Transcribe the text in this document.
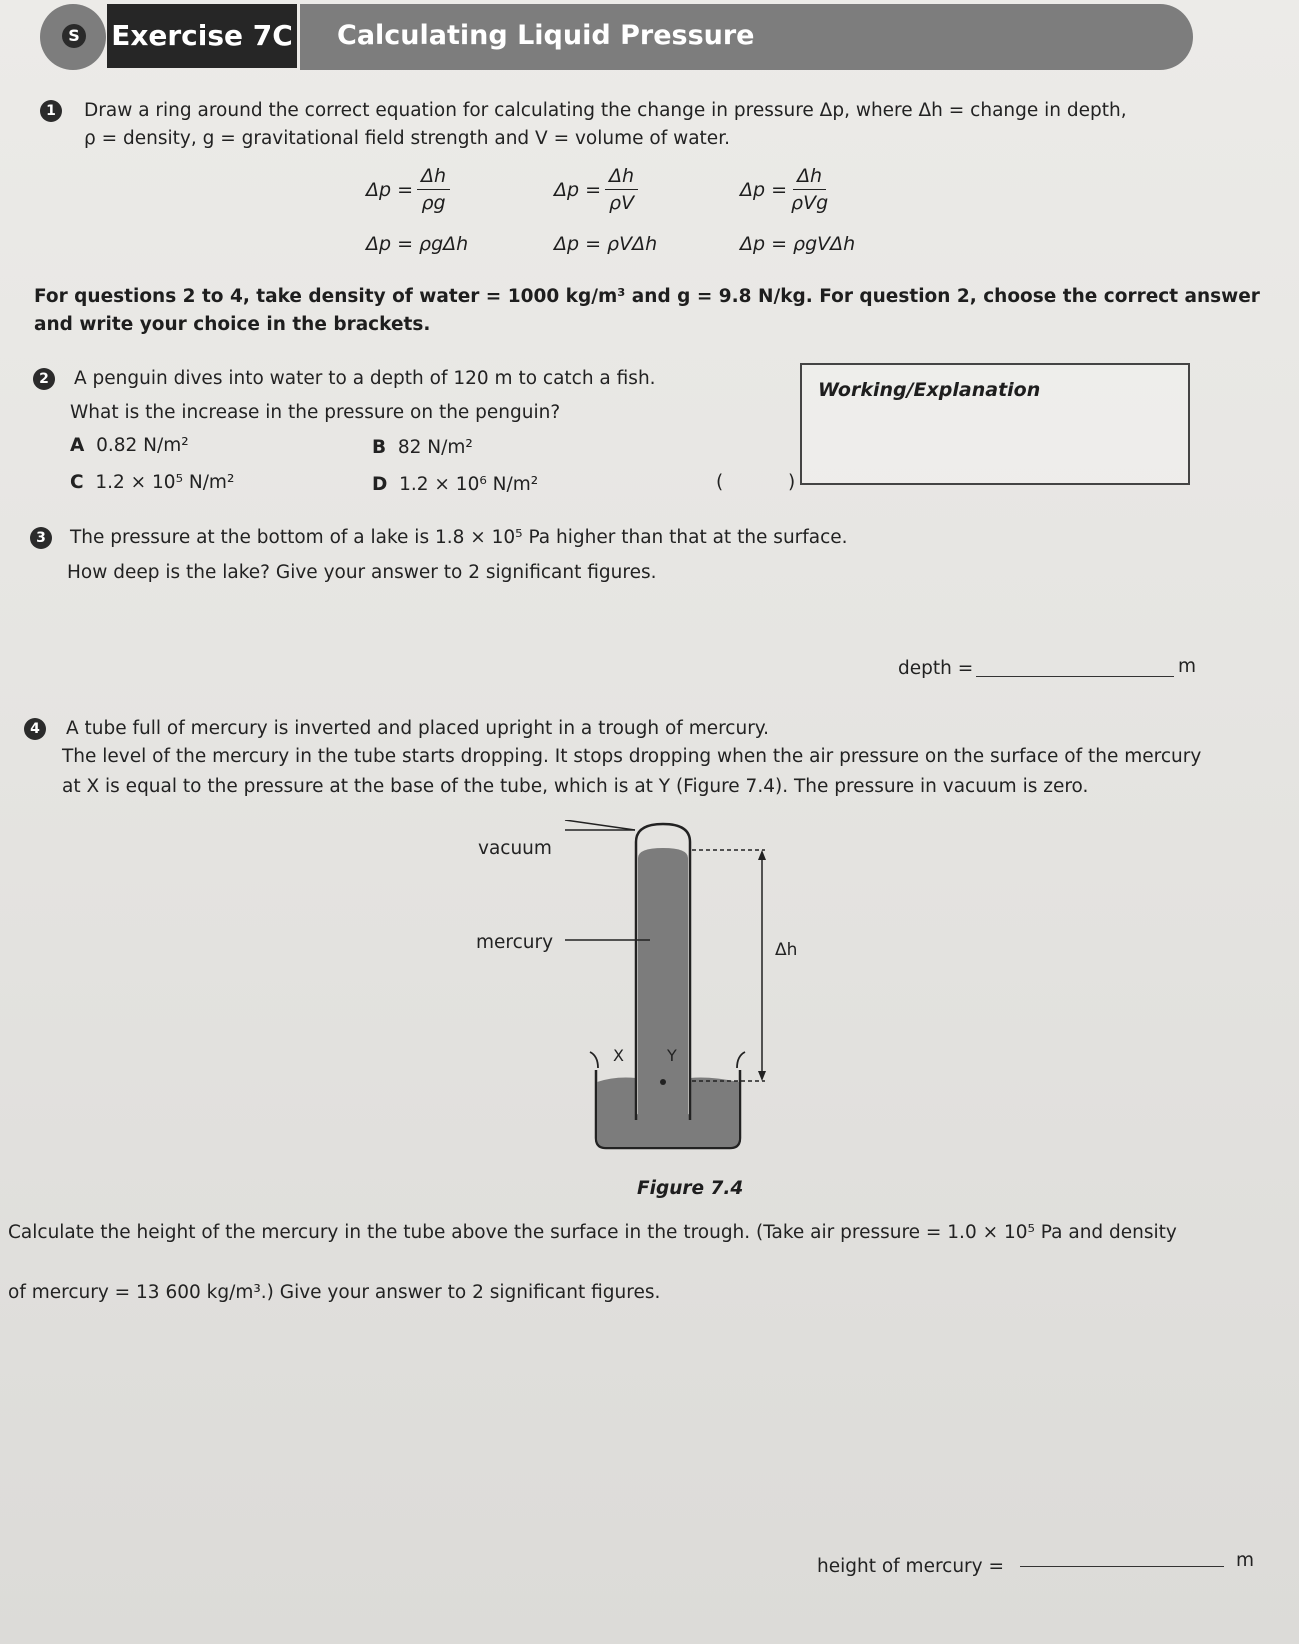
S Exercise 7C Calculating Liquid Pressure
1	Draw a ring around the correct equation for calculating the change in pressure Δp, where Δh = change in depth,
ρ = density, g = gravitational field strength and V = volume of water.
$\Delta p = \frac{\Delta h}{\rho g}$	$\Delta p = \frac{\Delta h}{\rho V}$	$\Delta p = \frac{\Delta h}{\text{ρVg}}$
Δp = ρgΔh	Δp = ρVΔh	Δp = ρgVΔh
For questions 2 to 4, take density of water = 1000 kg/m³ and g = 9.8 N/kg. For question 2, choose the correct answer
and write your choice in the brackets.
2	A penguin dives into water to a depth of 120 m to catch a fish.
What is the increase in the pressure on the penguin?
A 0.82 N/m²	B 82 N/m²
C 1.2 × 10⁵ N/m²	D 1.2 × 10⁶ N/m²	(	)
Working/Explanation
3	The pressure at the bottom of a lake is 1.8 × 10⁵ Pa higher than that at the surface.
How deep is the lake? Give your answer to 2 significant figures.
depth =	m
4	A tube full of mercury is inverted and placed upright in a trough of mercury.
The level of the mercury in the tube starts dropping. It stops dropping when the air pressure on the surface of the mercury
at X is equal to the pressure at the base of the tube, which is at Y (Figure 7.4). The pressure in vacuum is zero.
vacuum
mercury	Δh
X	Y
Figure 7.4
Calculate the height of the mercury in the tube above the surface in the trough. (Take air pressure = 1.0 × 10⁵ Pa and density
of mercury = 13 600 kg/m³.) Give your answer to 2 significant figures.
height of mercury =	m
